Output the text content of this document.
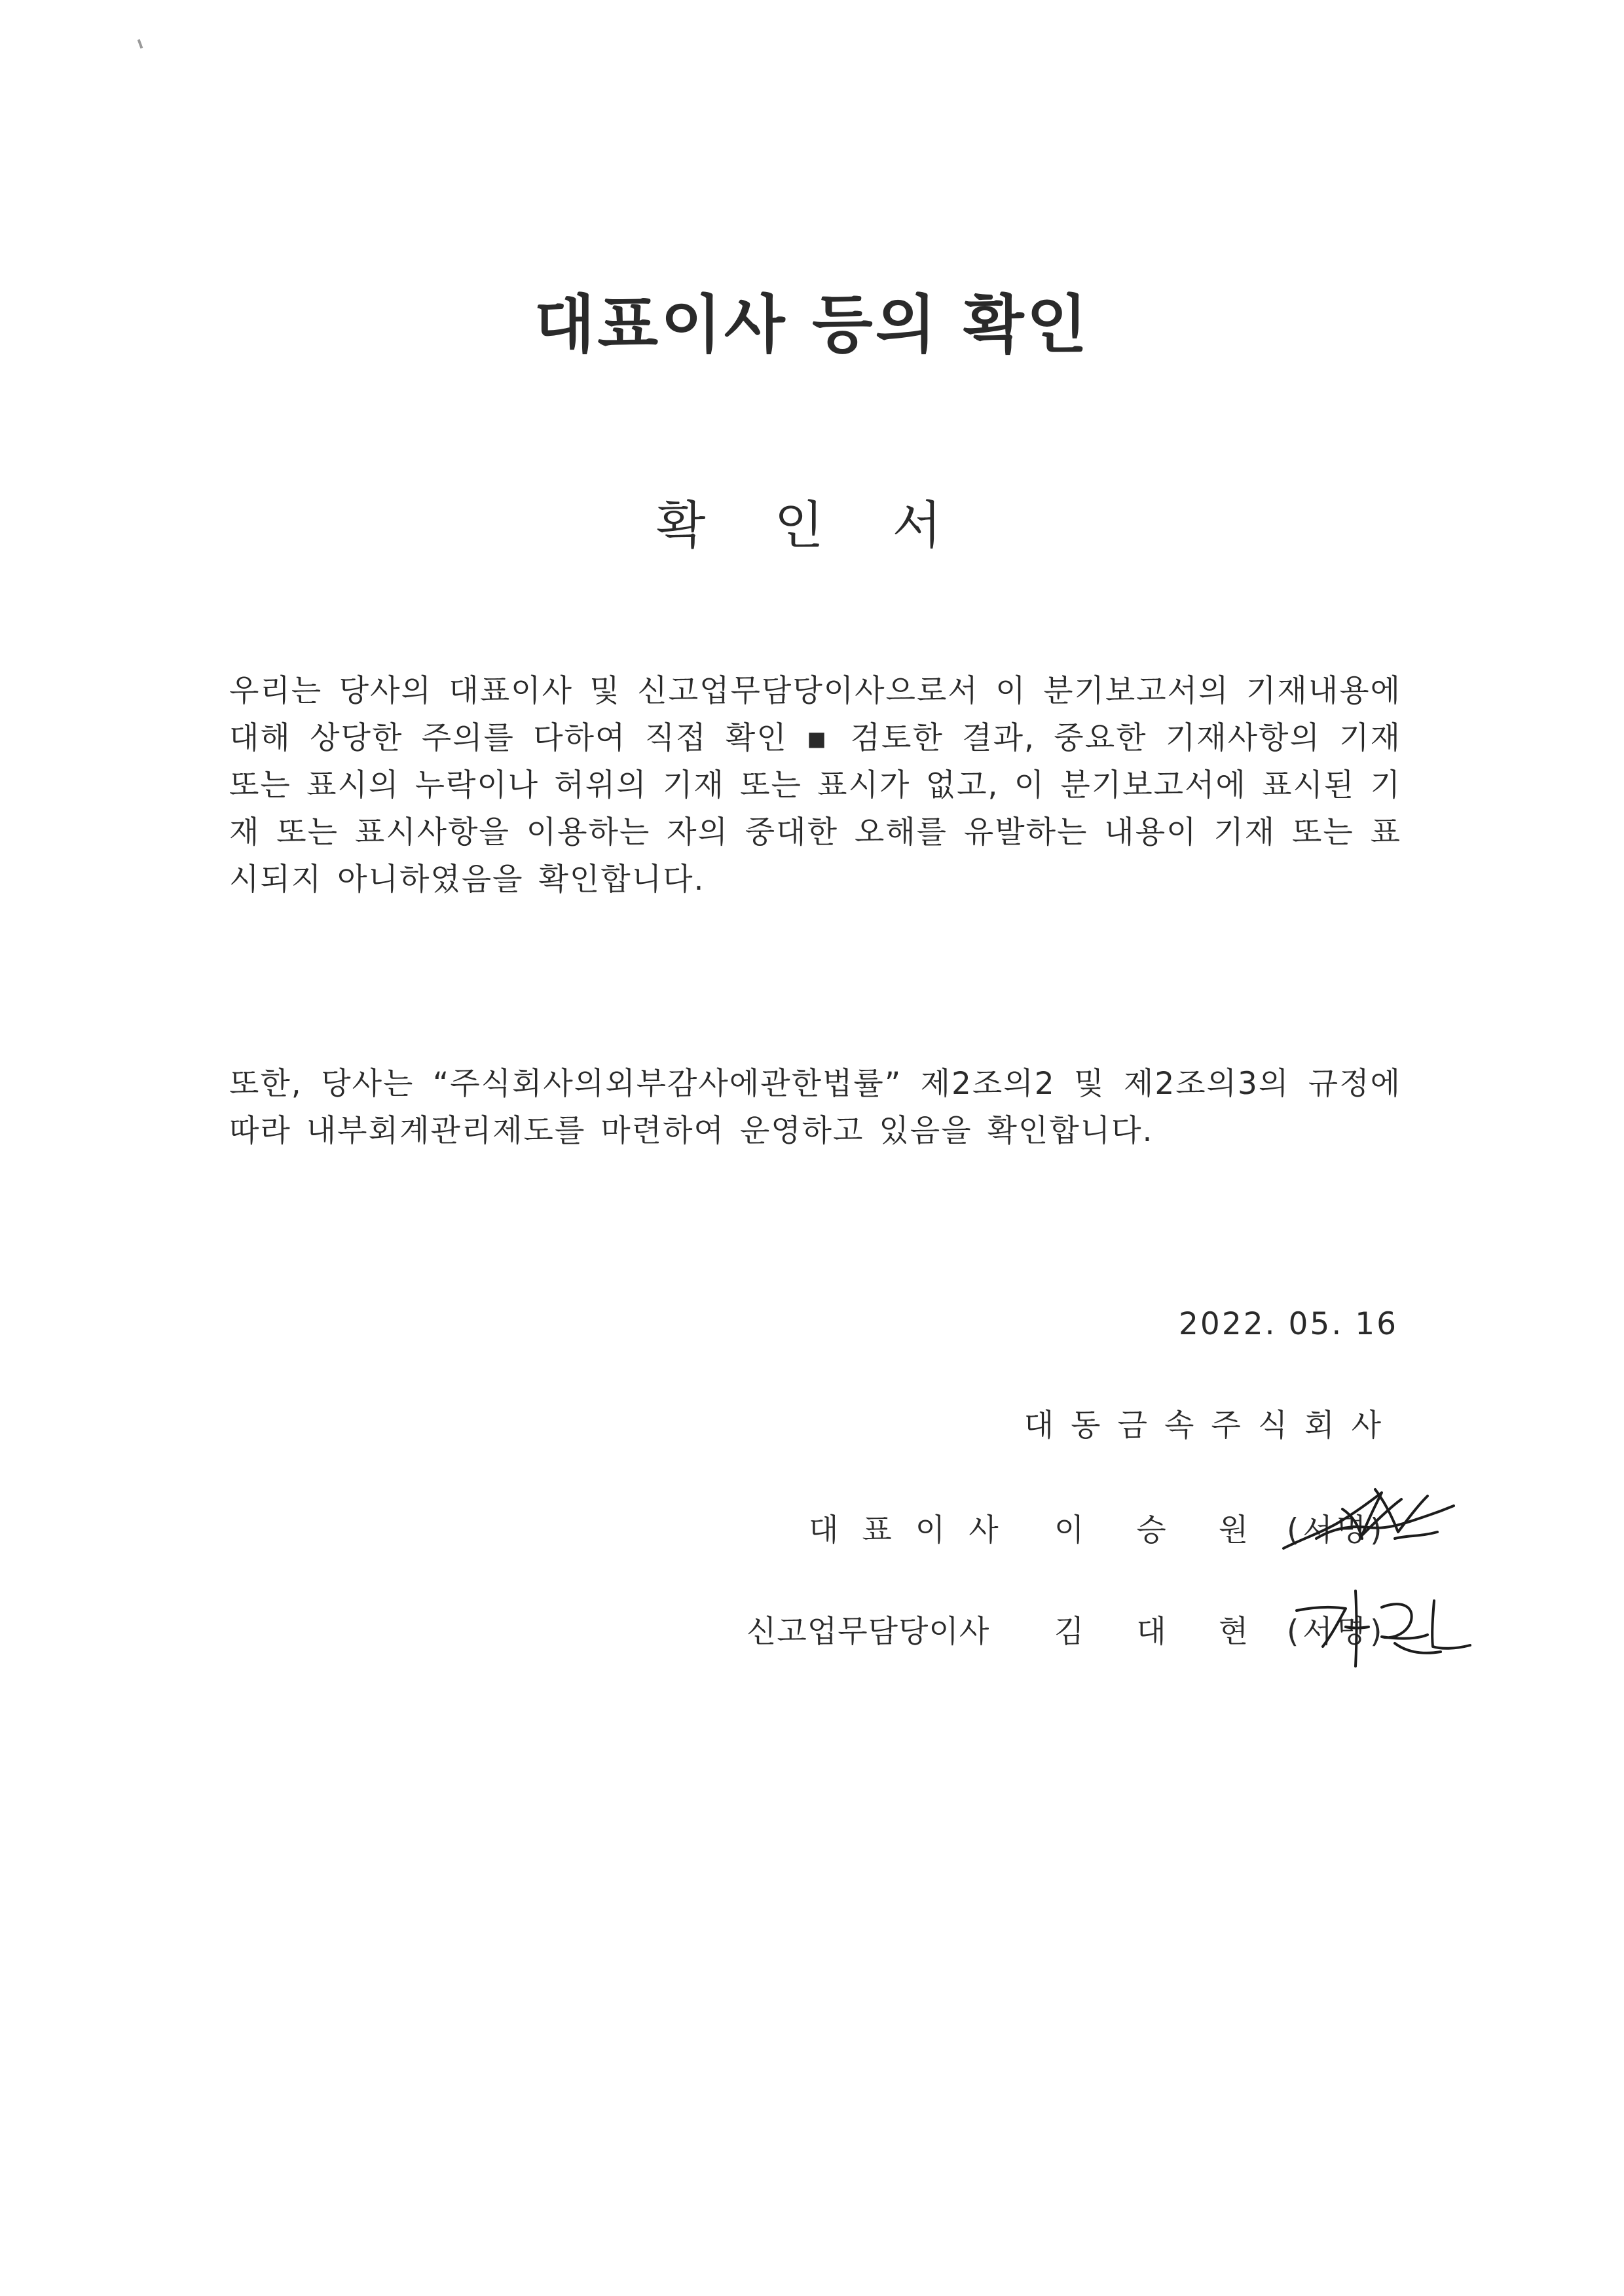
대표이사 등의 확인
확 인 서

우리는 당사의 대표이사 및 신고업무담당이사으로서 이 분기보고서의 기재내용에 대해 상당한 주의를 다하여 직접 확인 ▪ 검토한 결과, 중요한 기재사항의 기재 또는 표시의 누락이나 허위의 기재 또는 표시가 없고, 이 분기보고서에 표시된 기재 또는 표시사항을 이용하는 자의 중대한 오해를 유발하는 내용이 기재 또는 표시되지 아니하였음을 확인합니다.

또한, 당사는 “주식회사의외부감사에관한법률” 제2조의2 및 제2조의3의 규정에 따라 내부회계관리제도를 마련하여 운영하고 있음을 확인합니다.

2022. 05. 16
대동금속주식회사
대표이사 이승원
(서명)
신고업무담당이사 김대현
(서명)
